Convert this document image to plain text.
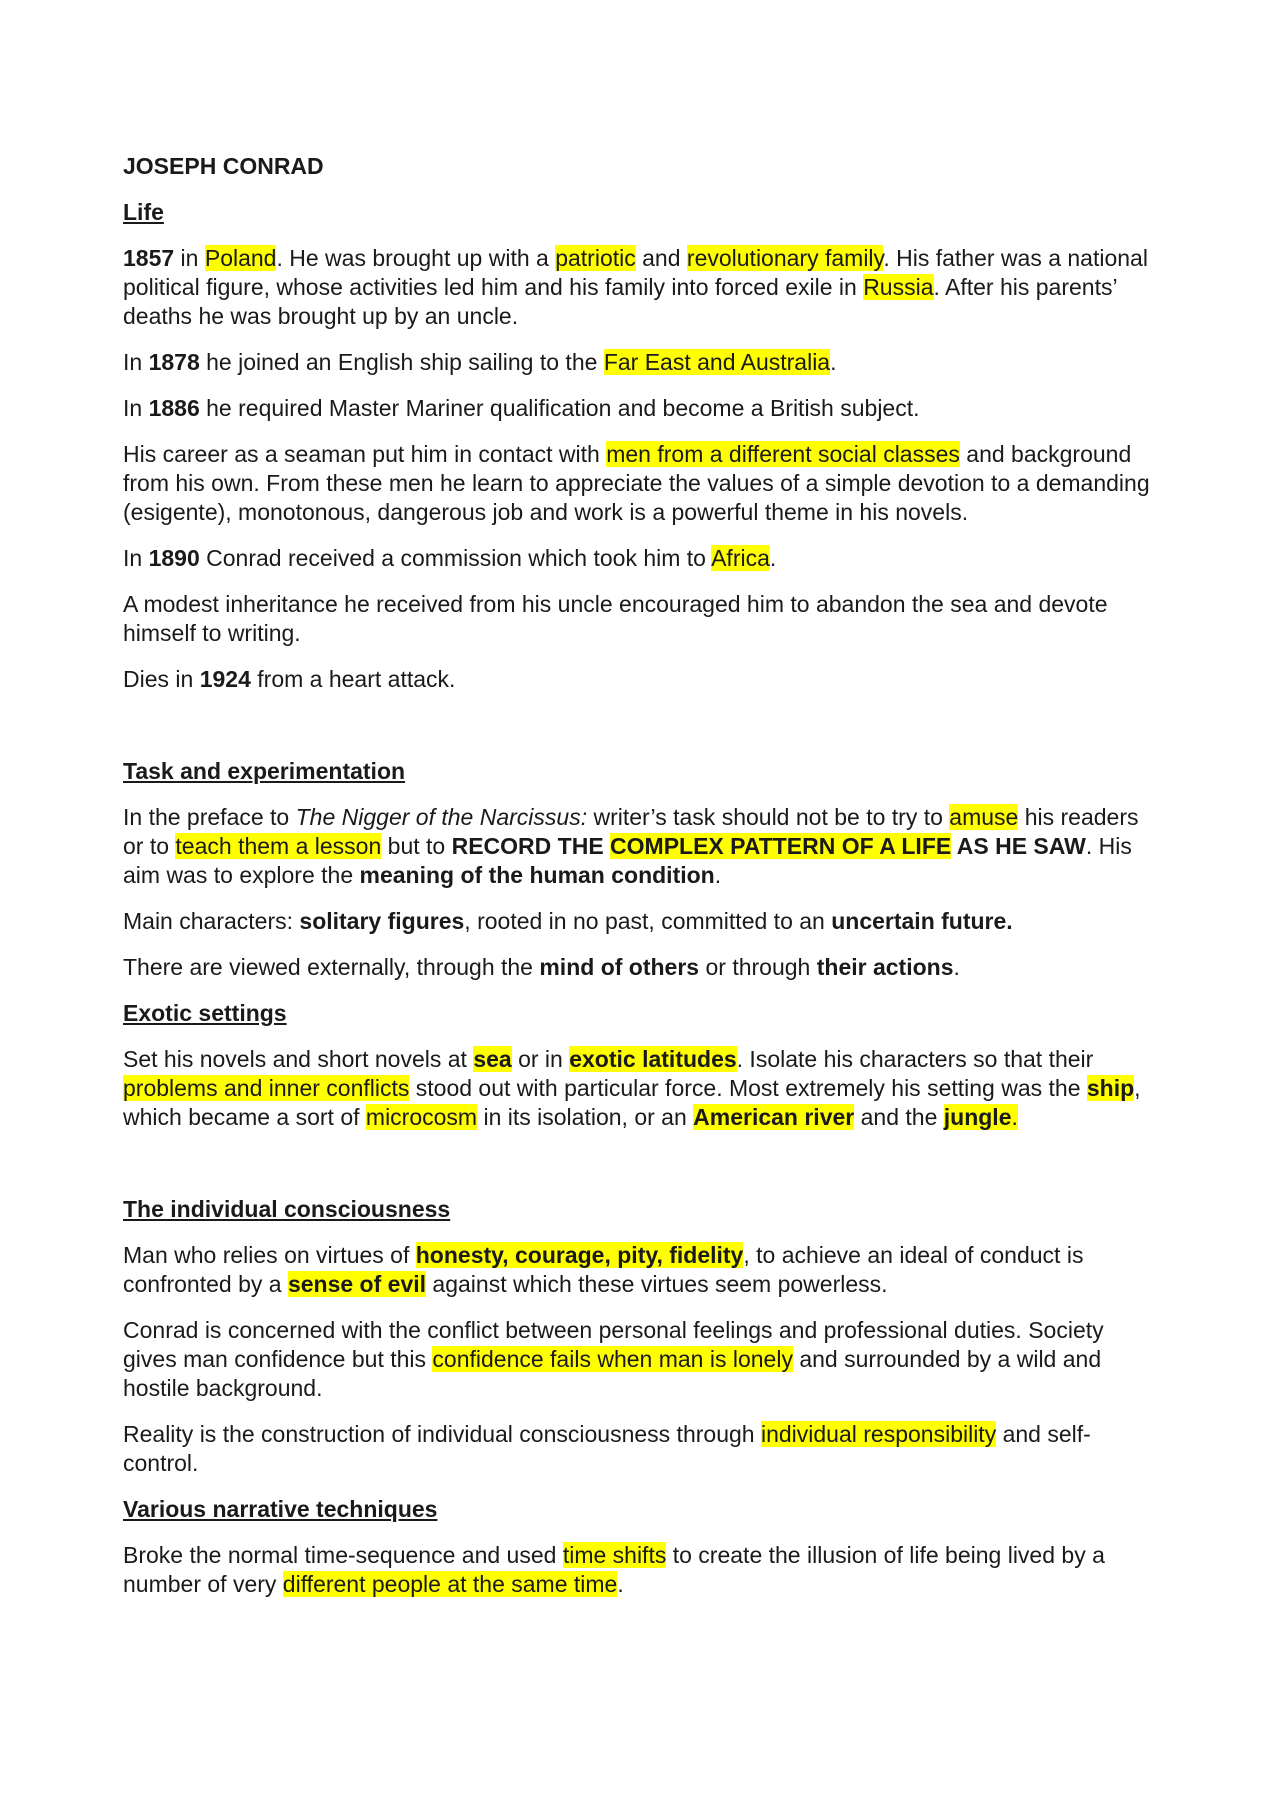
JOSEPH CONRAD
Life

1857 in Poland. He was brought up with a patriotic and revolutionary family. His father was a national political figure, whose activities led him and his family into forced exile in Russia. After his parents’ deaths he was brought up by an uncle.

In 1878 he joined an English ship sailing to the Far East and Australia.

In 1886 he required Master Mariner qualification and become a British subject.

His career as a seaman put him in contact with men from a different social classes and background from his own. From these men he learn to appreciate the values of a simple devotion to a demanding (esigente), monotonous, dangerous job and work is a powerful theme in his novels.

In 1890 Conrad received a commission which took him to Africa.

A modest inheritance he received from his uncle encouraged him to abandon the sea and devote himself to writing.

Dies in 1924 from a heart attack.

Task and experimentation

In the preface to The Nigger of the Narcissus: writer’s task should not be to try to amuse his readers or to teach them a lesson but to RECORD THE COMPLEX PATTERN OF A LIFE AS HE SAW. His aim was to explore the meaning of the human condition.

Main characters: solitary figures, rooted in no past, committed to an uncertain future.

There are viewed externally, through the mind of others or through their actions.

Exotic settings

Set his novels and short novels at sea or in exotic latitudes. Isolate his characters so that their problems and inner conflicts stood out with particular force. Most extremely his setting was the ship, which became a sort of microcosm in its isolation, or an American river and the jungle.

The individual consciousness

Man who relies on virtues of honesty, courage, pity, fidelity, to achieve an ideal of conduct is confronted by a sense of evil against which these virtues seem powerless.

Conrad is concerned with the conflict between personal feelings and professional duties. Society gives man confidence but this confidence fails when man is lonely and surrounded by a wild and hostile background.

Reality is the construction of individual consciousness through individual responsibility and self-control.

Various narrative techniques

Broke the normal time-sequence and used time shifts to create the illusion of life being lived by a number of very different people at the same time.
